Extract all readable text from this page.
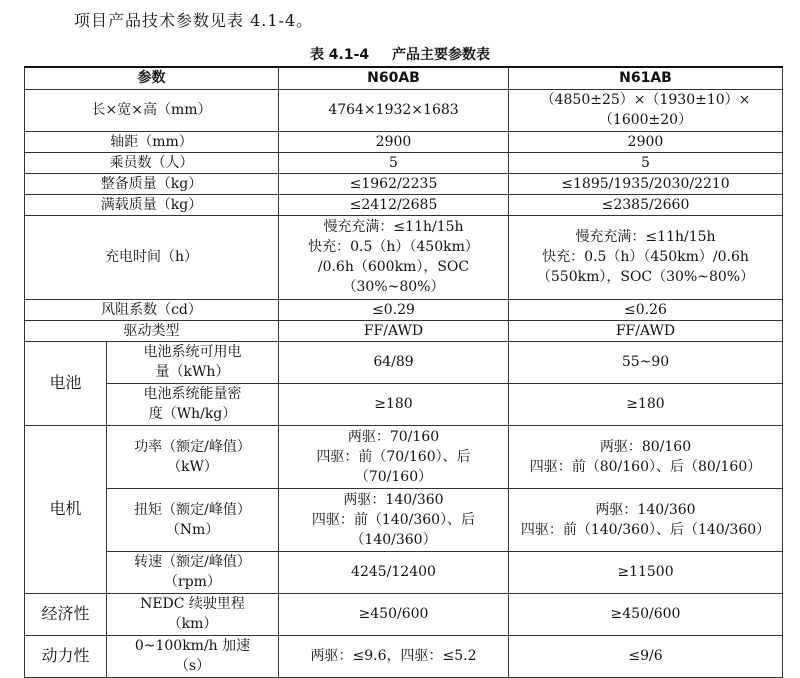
项目产品技术参数见表 4.1-4。
表 4.1-4 产品主要参数表
参数		N60AB	N61AB
长×宽×高（mm）		4764×1932×1683	（4850±25）×（1930±10）×
（1600±20）
轴距（mm）		2900	2900
乘员数（人）		5	5
整备质量（kg）		≤1962/2235	≤1895/1935/2030/2210
满载质量（kg）		≤2412/2685	≤2385/2660
充电时间（h）		慢充充满：≤11h/15h
快充：0.5（h）（450km）
/0.6h（600km），SOC
（30%~80%）	慢充充满：≤11h/15h
快充：0.5（h）（450km）/0.6h
（550km），SOC（30%~80%）
风阻系数（cd）		≤0.29	≤0.26
驱动类型		FF/AWD	FF/AWD
电池	电池系统可用电
量（kWh）	64/89	55~90
	电池系统能量密
度（Wh/kg）	≥180	≥180
电机	功率（额定/峰值）
（kW）	两驱：70/160
四驱：前（70/160）、后
（70/160）	两驱：80/160
四驱：前（80/160）、后（80/160）
	扭矩（额定/峰值）
（Nm）	两驱：140/360
四驱：前（140/360）、后
（140/360）	两驱：140/360
四驱：前（140/360）、后（140/360）
	转速（额定/峰值）
（rpm）	4245/12400	≥11500
经济性	NEDC 续驶里程
（km）	≥450/600	≥450/600
动力性	0~100km/h 加速
（s）	两驱：≤9.6，四驱：≤5.2	≤9/6
